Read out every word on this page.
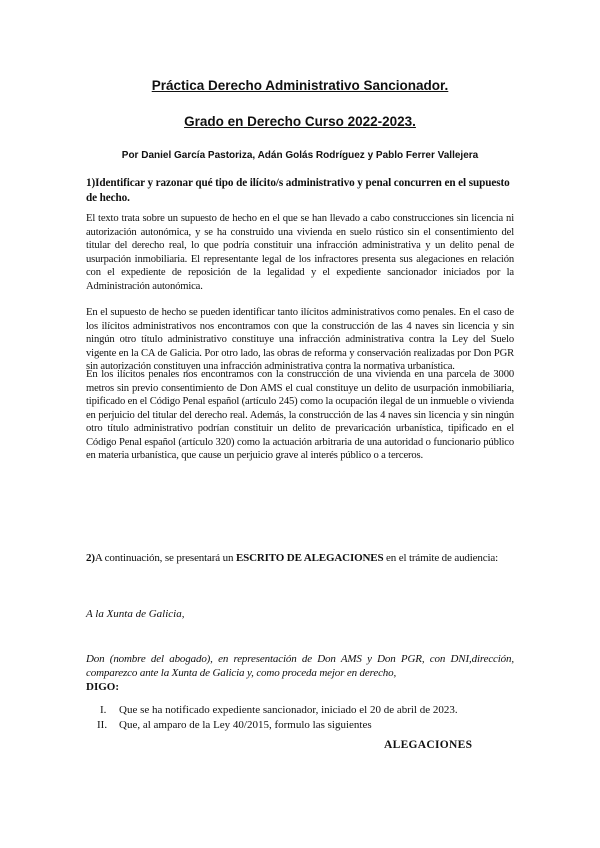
Práctica Derecho Administrativo Sancionador.
Grado en Derecho Curso 2022-2023.
Por Daniel García Pastoriza, Adán Golás Rodríguez y Pablo Ferrer Vallejera
1)Identificar y razonar qué tipo de ilícito/s administrativo y penal concurren en el supuesto de hecho.
El texto trata sobre un supuesto de hecho en el que se han llevado a cabo construcciones sin licencia ni autorización autonómica, y se ha construido una vivienda en suelo rústico sin el consentimiento del titular del derecho real, lo que podría constituir una infracción administrativa y un delito penal de usurpación inmobiliaria. El representante legal de los infractores presenta sus alegaciones en relación con el expediente de reposición de la legalidad y el expediente sancionador iniciados por la Administración autonómica.
En el supuesto de hecho se pueden identificar tanto ilícitos administrativos como penales. En el caso de los ilícitos administrativos nos encontramos con que la construcción de las 4 naves sin licencia y sin ningún otro título administrativo constituye una infracción administrativa contra la Ley del Suelo vigente en la CA de Galicia. Por otro lado, las obras de reforma y conservación realizadas por Don PGR sin autorización constituyen una infracción administrativa contra la normativa urbanística.
En los ilícitos penales nos encontramos con la construcción de una vivienda en una parcela de 3000 metros sin previo consentimiento de Don AMS el cual constituye un delito de usurpación inmobiliaria, tipificado en el Código Penal español (artículo 245) como la ocupación ilegal de un inmueble o vivienda en perjuicio del titular del derecho real. Además, la construcción de las 4 naves sin licencia y sin ningún otro título administrativo podrían constituir un delito de prevaricación urbanística, tipificado en el Código Penal español (artículo 320) como la actuación arbitraria de una autoridad o funcionario público en materia urbanística, que cause un perjuicio grave al interés público o a terceros.
2)A continuación, se presentará un ESCRITO DE ALEGACIONES en el trámite de audiencia:
A la Xunta de Galicia,
Don (nombre del abogado), en representación de Don AMS y Don PGR, con DNI,dirección, comparezco ante la Xunta de Galicia y, como proceda mejor en derecho,
DIGO:
I. Que se ha notificado expediente sancionador, iniciado el 20 de abril de 2023.
II. Que, al amparo de la Ley 40/2015, formulo las siguientes
ALEGACIONES
